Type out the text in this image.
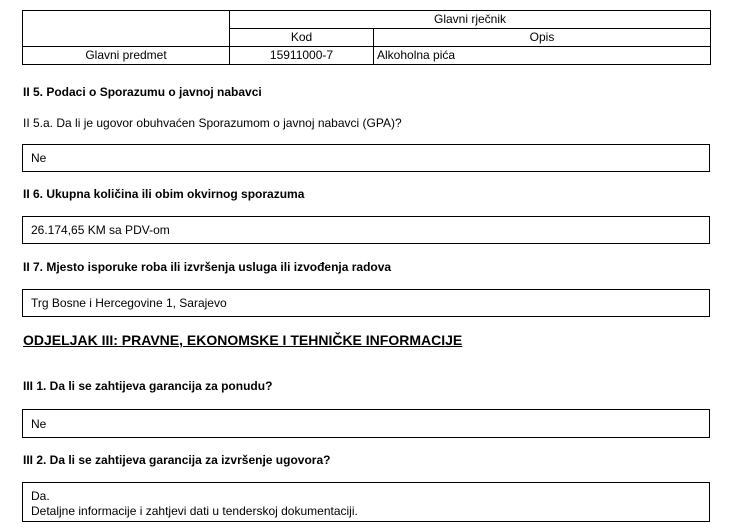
	Glavni rječnik	
	Kod	Opis
Glavni predmet	15911000-7	Alkoholna pića
II 5. Podaci o Sporazumu o javnoj nabavci
II 5.a. Da li je ugovor obuhvaćen Sporazumom o javnoj nabavci (GPA)?
Ne
II 6. Ukupna količina ili obim okvirnog sporazuma
26.174,65 KM sa PDV-om
II 7. Mjesto isporuke roba ili izvršenja usluga ili izvođenja radova
Trg Bosne i Hercegovine 1, Sarajevo
ODJELJAK III: PRAVNE, EKONOMSKE I TEHNIČKE INFORMACIJE
III 1. Da li se zahtijeva garancija za ponudu?
Ne
III 2. Da li se zahtijeva garancija za izvršenje ugovora?
Da.
Detaljne informacije i zahtjevi dati u tenderskoj dokumentaciji.
